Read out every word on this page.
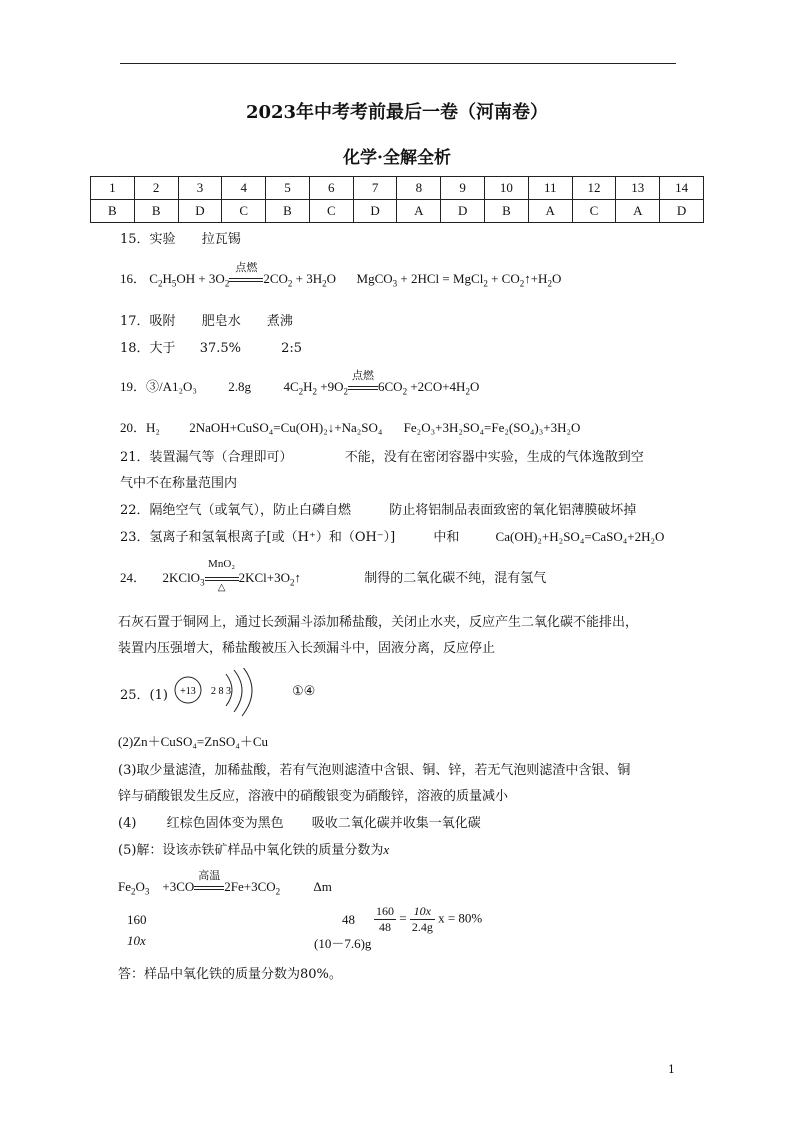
2023年中考考前最后一卷（河南卷）
化学·全解全析
1	2	3	4	5	6	7	8	9	10	11	12	13	14
B	B	D	C	B	C	D	A	D	B	A	C	A	D
15．实验 拉瓦锡
16． $C_2H_5OH + 3O_2$
点燃
$2CO_2 + 3H_2O$ MgCO$_3$ + 2HCl = MgCl$_2$ + $CO_2↑+H_2O$
17．吸附 肥皂水 煮沸
18．大于 37.5%	2:5
19．③/A1₂O₃ 2.8g	$4C_2H_2 +9O_2$
点燃
$6CO_2 +2CO+4H_2O$
20．H₂ 2NaOH+CuSO₄=Cu(OH)₂↓+Na₂SO₄ Fe₂O₃+3H₂SO₄=Fe₂(SO₄)₃+3H₂O
21．装置漏气等（合理即可）	不能，没有在密闭容器中实验，生成的气体逸散到空
气中不在称量范围内
22．隔绝空气（或氧气），防止白磷自燃	防止将铝制品表面致密的氧化铝薄膜破坏掉
23．氢离子和氢氧根离子[或（H⁺）和（OH⁻）]	中和	Ca(OH)₂+H₂SO₄=CaSO₄+2H₂O
24． 2KClO$_3$
MnO₂
△
$2KCl+3O_2↑$	制得的二氧化碳不纯，混有氢气
石灰石置于铜网上，通过长颈漏斗添加稀盐酸，关闭止水夹，反应产生二氧化碳不能排出，
装置内压强增大，稀盐酸被压入长颈漏斗中，固液分离，反应停止
25．(1) +13 2 8 3	①④
(2)Zn＋CuSO₄=ZnSO₄＋Cu
(3)取少量滤渣，加稀盐酸，若有气泡则滤渣中含银、铜、锌，若无气泡则滤渣中含银、铜
锌与硝酸银发生反应，溶液中的硝酸银变为硝酸锌，溶液的质量减小
(4) 红棕色固体变为黑色 吸收二氧化碳并收集一氧化碳
(5)解：设该赤铁矿样品中氧化铁的质量分数为x
$Fe_2O_3$    +3CO
高温
$2Fe+3CO_2$	Δm
160
10x
48
(10－7.6)g
$\frac{160}{48} = \frac{10x}{2.4g}$ x = 80%
答：样品中氧化铁的质量分数为80%。
1
